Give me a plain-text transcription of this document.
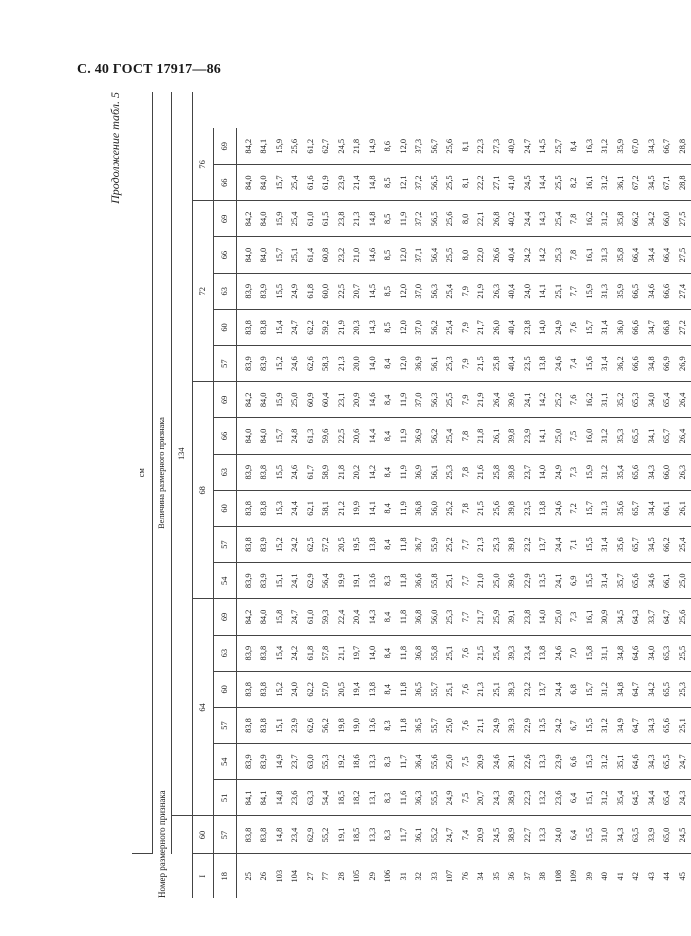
С. 40 ГОСТ 17917—86
Продолжение табл. 5
Номер размерного признака	см																			
	Величина размерного признака																			
		134																		
I	60	64						68						72					76	
18	57	51	54	57	60	63	69	54	57	60	63	66	69	57	60	63	66	69	66	69
25	83,8	84,1	83,9	83,8	83,8	83,9	84,2	83,9	83,8	83,8	83,9	84,0	84,2	83,9	83,8	83,9	84,0	84,2	84,0	84,2
26	83,8	84,1	83,9	83,8	83,8	83,8	84,0	83,9	83,9	83,8	83,8	84,0	84,0	83,9	83,8	83,9	84,0	84,0	84,0	84,1
103	14,8	14,8	14,9	15,1	15,2	15,4	15,8	15,1	15,2	15,3	15,5	15,7	15,9	15,2	15,4	15,5	15,7	15,9	15,7	15,9
104	23,4	23,6	23,7	23,9	24,0	24,2	24,7	24,1	24,2	24,4	24,6	24,8	25,0	24,6	24,7	24,9	25,1	25,4	25,4	25,6
27	62,9	63,3	63,0	62,6	62,2	61,8	61,0	62,9	62,5	62,1	61,7	61,3	60,9	62,6	62,2	61,8	61,4	61,0	61,6	61,2
77	55,2	54,4	55,3	56,2	57,0	57,8	59,3	56,4	57,2	58,1	58,9	59,6	60,4	58,3	59,2	60,0	60,8	61,5	61,9	62,7
28	19,1	18,5	19,2	19,8	20,5	21,1	22,4	19,9	20,5	21,2	21,8	22,5	23,1	21,3	21,9	22,5	23,2	23,8	23,9	24,5
105	18,5	18,2	18,6	19,0	19,4	19,7	20,4	19,1	19,5	19,9	20,2	20,6	20,9	20,0	20,3	20,7	21,0	21,3	21,4	21,8
29	13,3	13,1	13,3	13,6	13,8	14,0	14,3	13,6	13,8	14,1	14,2	14,4	14,6	14,0	14,3	14,5	14,6	14,8	14,8	14,9
106	8,3	8,3	8,3	8,3	8,4	8,4	8,4	8,3	8,4	8,4	8,4	8,4	8,4	8,4	8,5	8,5	8,5	8,5	8,5	8,6
31	11,7	11,6	11,7	11,8	11,8	11,8	11,8	11,8	11,8	11,9	11,9	11,9	11,9	12,0	12,0	12,0	12,0	11,9	12,1	12,0
32	36,1	36,3	36,4	36,5	36,5	36,8	36,8	36,6	36,7	36,8	36,9	36,9	37,0	36,9	37,0	37,0	37,1	37,2	37,2	37,3
33	55,2	55,5	55,6	55,7	55,7	55,8	56,0	55,8	55,9	56,0	56,1	56,2	56,3	56,1	56,2	56,3	56,4	56,5	56,5	56,7
107	24,7	24,9	25,0	25,0	25,1	25,1	25,3	25,1	25,2	25,2	25,3	25,4	25,5	25,3	25,4	25,4	25,5	25,6	25,5	25,6
76	7,4	7,5	7,5	7,6	7,6	7,6	7,7	7,7	7,7	7,8	7,8	7,8	7,9	7,9	7,9	7,9	8,0	8,0	8,1	8,1
34	20,9	20,7	20,9	21,1	21,3	21,5	21,7	21,0	21,3	21,5	21,6	21,8	21,9	21,5	21,7	21,9	22,0	22,1	22,2	22,3
35	24,5	24,3	24,6	24,9	25,1	25,4	25,9	25,0	25,3	25,6	25,8	26,1	26,4	25,8	26,0	26,3	26,6	26,8	27,1	27,3
36	38,9	38,9	39,1	39,3	39,3	39,3	39,1	39,6	39,8	39,8	39,8	39,8	39,6	40,4	40,4	40,4	40,4	40,2	41,0	40,9
37	22,7	22,3	22,6	22,9	23,2	23,4	23,8	22,9	23,2	23,5	23,7	23,9	24,1	23,5	23,8	24,0	24,2	24,4	24,5	24,7
38	13,3	13,2	13,3	13,5	13,7	13,8	14,0	13,5	13,7	13,8	14,0	14,1	14,2	13,8	14,0	14,1	14,2	14,3	14,4	14,5
108	24,0	23,6	23,9	24,2	24,4	24,6	25,0	24,1	24,4	24,6	24,9	25,0	25,2	24,6	24,9	25,1	25,3	25,4	25,5	25,7
109	6,4	6,4	6,6	6,7	6,8	7,0	7,3	6,9	7,1	7,2	7,3	7,5	7,6	7,4	7,6	7,7	7,8	7,8	8,2	8,4
39	15,5	15,1	15,3	15,5	15,7	15,8	16,1	15,5	15,5	15,7	15,9	16,0	16,2	15,6	15,7	15,9	16,1	16,2	16,1	16,3
40	31,0	31,2	31,2	31,2	31,2	31,1	30,9	31,4	31,4	31,3	31,2	31,2	31,1	31,4	31,4	31,3	31,3	31,2	31,2	31,2
41	34,3	35,4	35,1	34,9	34,8	34,8	34,5	35,7	35,6	35,6	35,4	35,3	35,2	36,2	36,0	35,9	35,8	35,8	36,1	35,9
42	63,5	64,5	64,6	64,7	64,7	64,6	64,3	65,6	65,7	65,7	65,6	65,5	65,3	66,6	66,6	66,5	66,4	66,2	67,2	67,0
43	33,9	34,4	34,3	34,3	34,2	34,0	33,7	34,6	34,5	34,4	34,3	34,1	34,0	34,8	34,7	34,6	34,4	34,2	34,5	34,3
44	65,0	65,4	65,5	65,6	65,5	65,3	64,7	66,1	66,2	66,1	66,0	65,7	65,4	66,9	66,8	66,6	66,4	66,0	67,1	66,7
45	24,5	24,3	24,7	25,1	25,3	25,5	25,6	25,0	25,4	26,1	26,3	26,4	26,4	26,9	27,2	27,4	27,5	27,5	28,8	28,8
